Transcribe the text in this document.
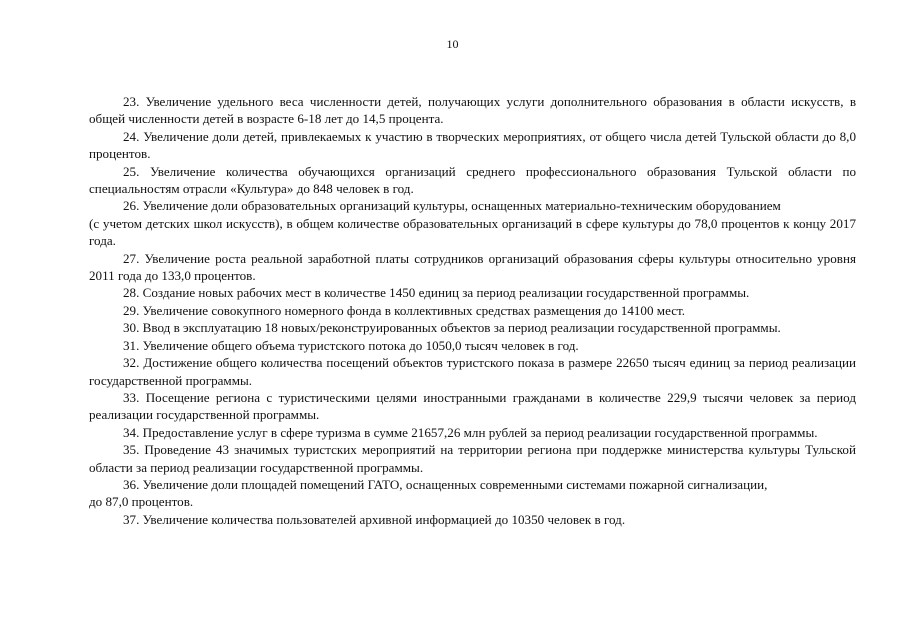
10

23. Увеличение удельного веса численности детей, получающих услуги дополнительного образования в области искусств, в общей численности детей в возрасте 6-18 лет до 14,5 процента.

24. Увеличение доли детей, привлекаемых к участию в творческих мероприятиях, от общего числа детей Тульской области до 8,0 процентов.

25. Увеличение количества обучающихся организаций среднего профессионального образования Тульской области по специальностям отрасли «Культура» до 848 человек в год.

26. Увеличение доли образовательных организаций культуры, оснащенных материально-техническим оборудованием

(с учетом детских школ искусств), в общем количестве образовательных организаций в сфере культуры до 78,0 процентов к концу 2017 года.

27. Увеличение роста реальной заработной платы сотрудников организаций образования сферы культуры относительно уровня 2011 года до 133,0 процентов.

28. Создание новых рабочих мест в количестве 1450 единиц за период реализации государственной программы.

29. Увеличение совокупного номерного фонда в коллективных средствах размещения до 14100 мест.

30. Ввод в эксплуатацию 18 новых/реконструированных объектов за период реализации государственной программы.

31. Увеличение общего объема туристского потока до 1050,0 тысяч человек в год.

32. Достижение общего количества посещений объектов туристского показа в размере 22650 тысяч единиц за период реализации государственной программы.

33. Посещение региона с туристическими целями иностранными гражданами в количестве 229,9 тысячи человек за период реализации государственной программы.

34. Предоставление услуг в сфере туризма в сумме 21657,26 млн рублей за период реализации государственной программы.

35. Проведение 43 значимых туристских мероприятий на территории региона при поддержке министерства культуры Тульской области за период реализации государственной программы.

36. Увеличение доли площадей помещений ГАТО, оснащенных современными системами пожарной сигнализации,

до 87,0 процентов.

37. Увеличение количества пользователей архивной информацией до 10350 человек в год.
